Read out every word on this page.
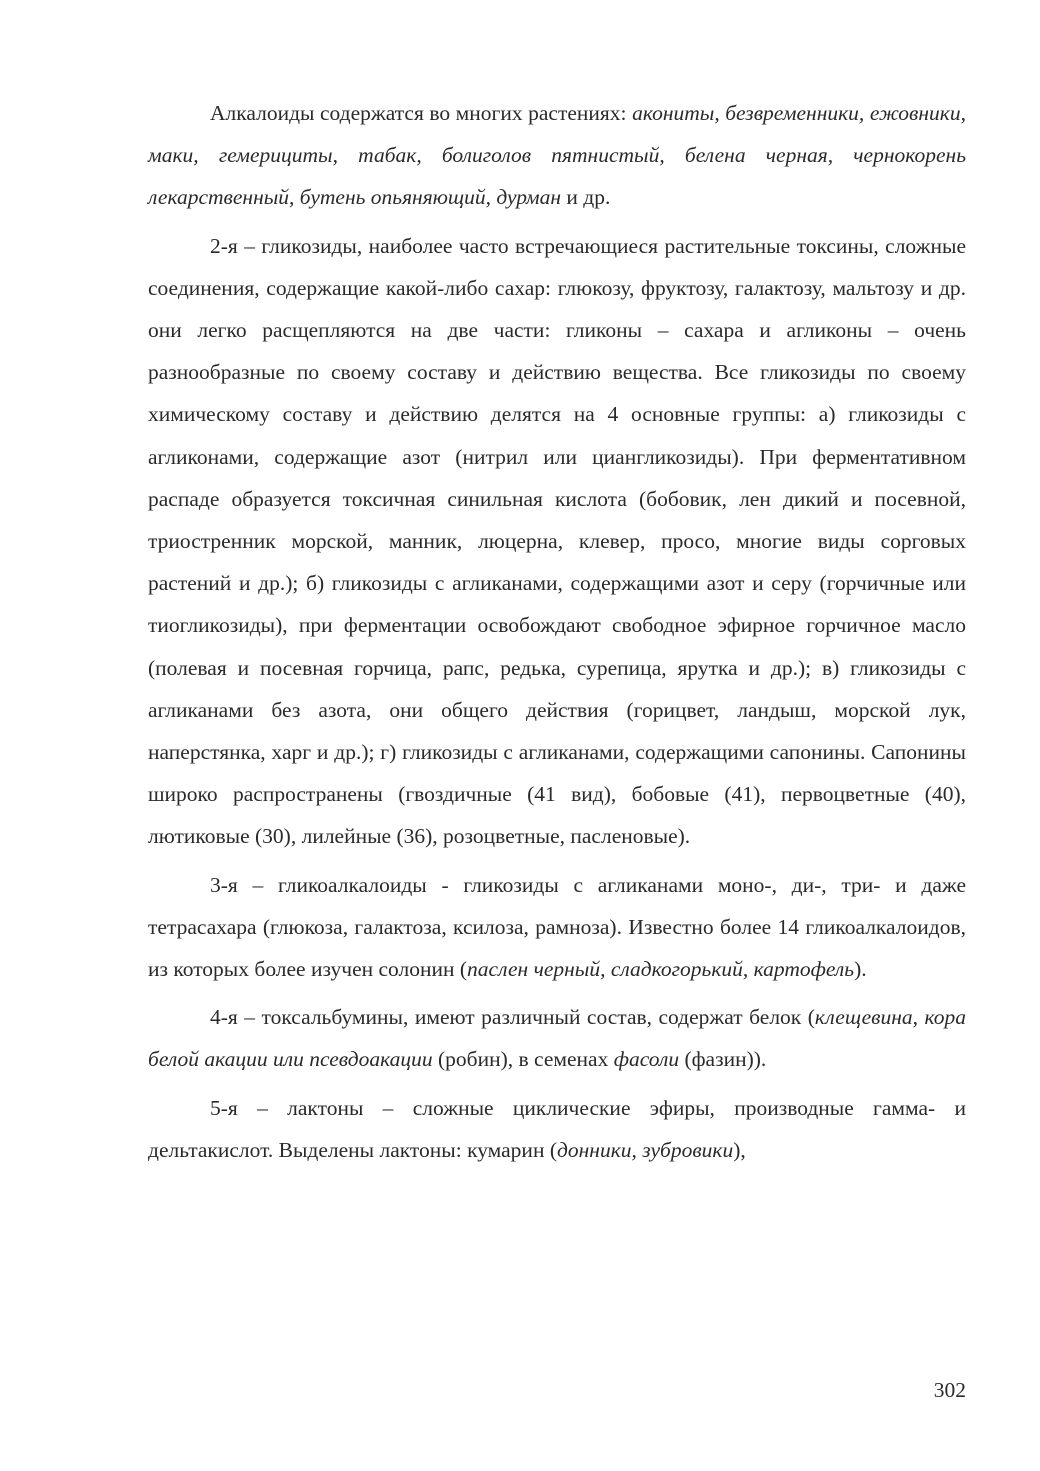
Алкалоиды содержатся во многих растениях: акониты, безвременники, ежовники, маки, гемерициты, табак, болиголов пятнистый, белена черная, чернокорень лекарственный, бутень опьяняющий, дурман и др.

2-я – гликозиды, наиболее часто встречающиеся растительные токсины, сложные соединения, содержащие какой-либо сахар: глюкозу, фруктозу, галактозу, мальтозу и др. они легко расщепляются на две части: гликоны – сахара и агликоны – очень разнообразные по своему составу и действию вещества. Все гликозиды по своему химическому составу и действию делятся на 4 основные группы: а) гликозиды с агликонами, содержащие азот (нитрил или циангликозиды). При ферментативном распаде образуется токсичная синильная кислота (бобовик, лен дикий и посевной, триостренник морской, манник, люцерна, клевер, просо, многие виды сорговых растений и др.); б) гликозиды с агликанами, содержащими азот и серу (горчичные или тиогликозиды), при ферментации освобождают свободное эфирное горчичное масло (полевая и посевная горчица, рапс, редька, сурепица, ярутка и др.); в) гликозиды с агликанами без азота, они общего действия (горицвет, ландыш, морской лук, наперстянка, харг и др.); г) гликозиды с агликанами, содержащими сапонины. Сапонины широко распространены (гвоздичные (41 вид), бобовые (41), первоцветные (40), лютиковые (30), лилейные (36), розоцветные, пасленовые).

3-я – гликоалкалоиды - гликозиды с агликанами моно-, ди-, три- и даже тетрасахара (глюкоза, галактоза, ксилоза, рамноза). Известно более 14 гликоалкалоидов, из которых более изучен солонин (паслен черный, сладкогорький, картофель).

4-я – токсальбумины, имеют различный состав, содержат белок (клещевина, кора белой акации или псевдоакации (робин), в семенах фасоли (фазин)).

5-я – лактоны – сложные циклические эфиры, производные гамма- и дельтакислот. Выделены лактоны: кумарин (донники, зубровики),

302
